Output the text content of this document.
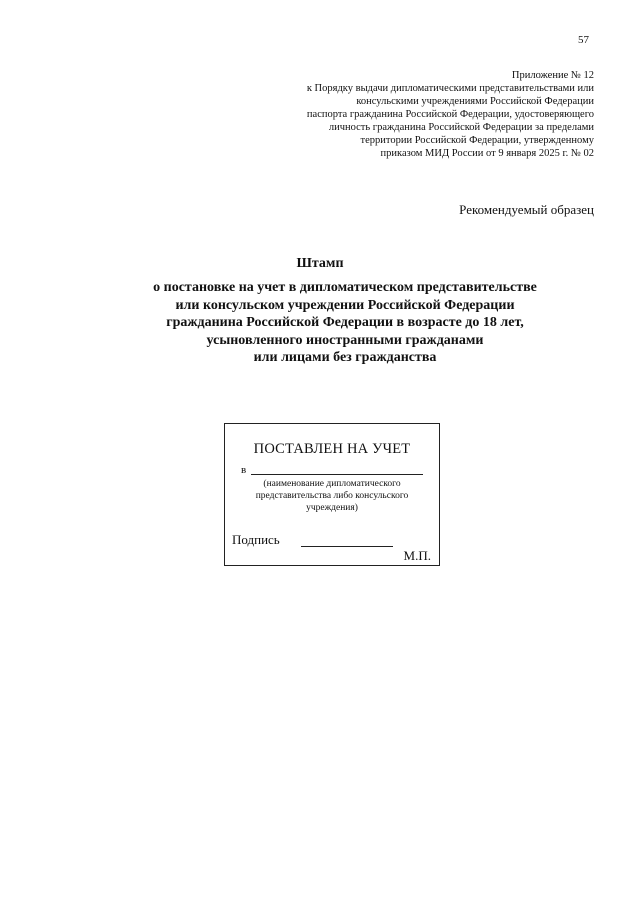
57
Приложение № 12
к Порядку выдачи дипломатическими представительствами или
консульскими учреждениями Российской Федерации
паспорта гражданина Российской Федерации, удостоверяющего
личность гражданина Российской Федерации за пределами
территории Российской Федерации, утвержденному
приказом МИД России от 9 января 2025 г. № 02
Рекомендуемый образец
Штамп
о постановке на учет в дипломатическом представительстве
или консульском учреждении Российской Федерации
гражданина Российской Федерации в возрасте до 18 лет,
усыновленного иностранными гражданами
или лицами без гражданства
ПОСТАВЛЕН НА УЧЕТ
в
(наименование дипломатического
представительства либо консульского
учреждения)
Подпись
М.П.
